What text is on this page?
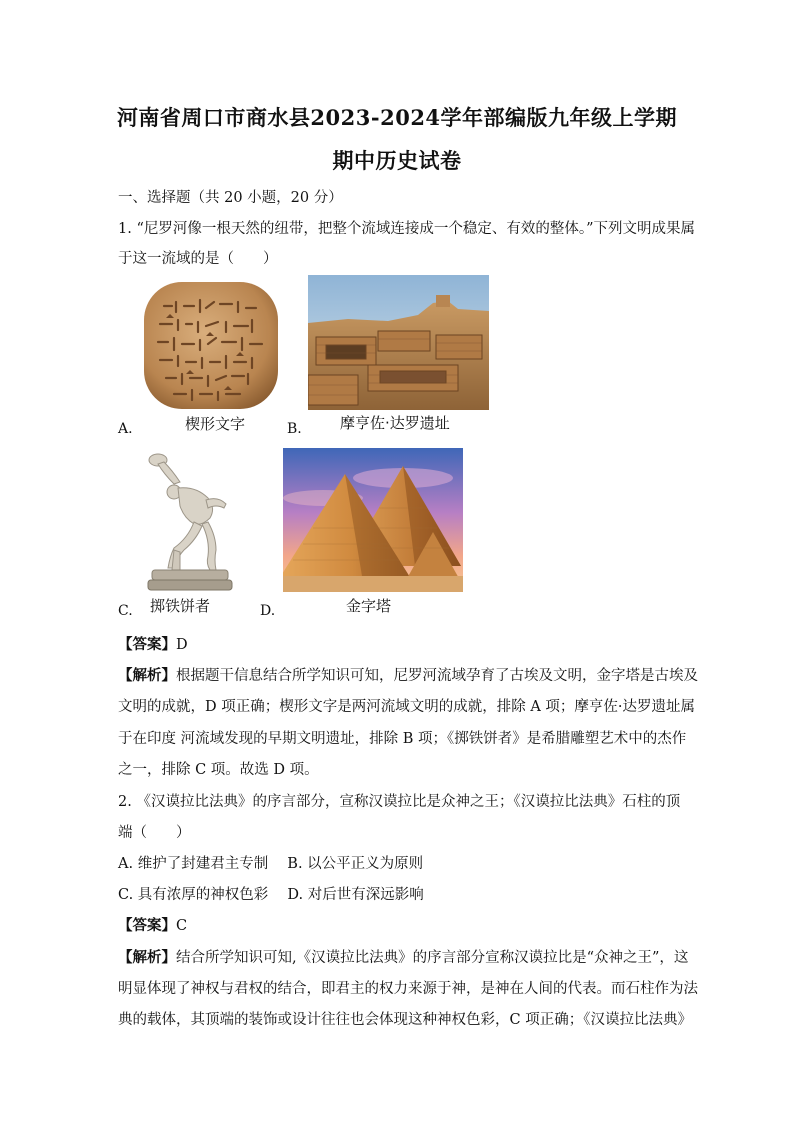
河南省周口市商水县2023-2024学年部编版九年级上学期
期中历史试卷
一、选择题（共 20 小题，20 分）
1. “尼罗河像一根天然的纽带，把整个流域连接成一个稳定、有效的整体。”下列文明成果属
于这一流域的是（　　）
A.	楔形文字	B.	摩亨佐·达罗遗址
C. 掷铁饼者	D.	金字塔
【答案】D
【解析】根据题干信息结合所学知识可知，尼罗河流域孕育了古埃及文明，金字塔是古埃及
文明的成就，D 项正确；楔形文字是两河流域文明的成就，排除 A 项；摩亨佐·达罗遗址属
于在印度 河流域发现的早期文明遗址，排除 B 项；《掷铁饼者》是希腊雕塑艺术中的杰作
之一，排除 C 项。故选 D 项。
2. 《汉谟拉比法典》的序言部分，宣称汉谟拉比是众神之王；《汉谟拉比法典》石柱的顶
端（　　）
A. 维护了封建君主专制　 B. 以公平正义为原则
C. 具有浓厚的神权色彩　 D. 对后世有深远影响
【答案】C
【解析】结合所学知识可知,《汉谟拉比法典》的序言部分宣称汉谟拉比是“众神之王”，这
明显体现了神权与君权的结合，即君主的权力来源于神，是神在人间的代表。而石柱作为法
典的载体，其顶端的装饰或设计往往也会体现这种神权色彩，C 项正确；《汉谟拉比法典》
